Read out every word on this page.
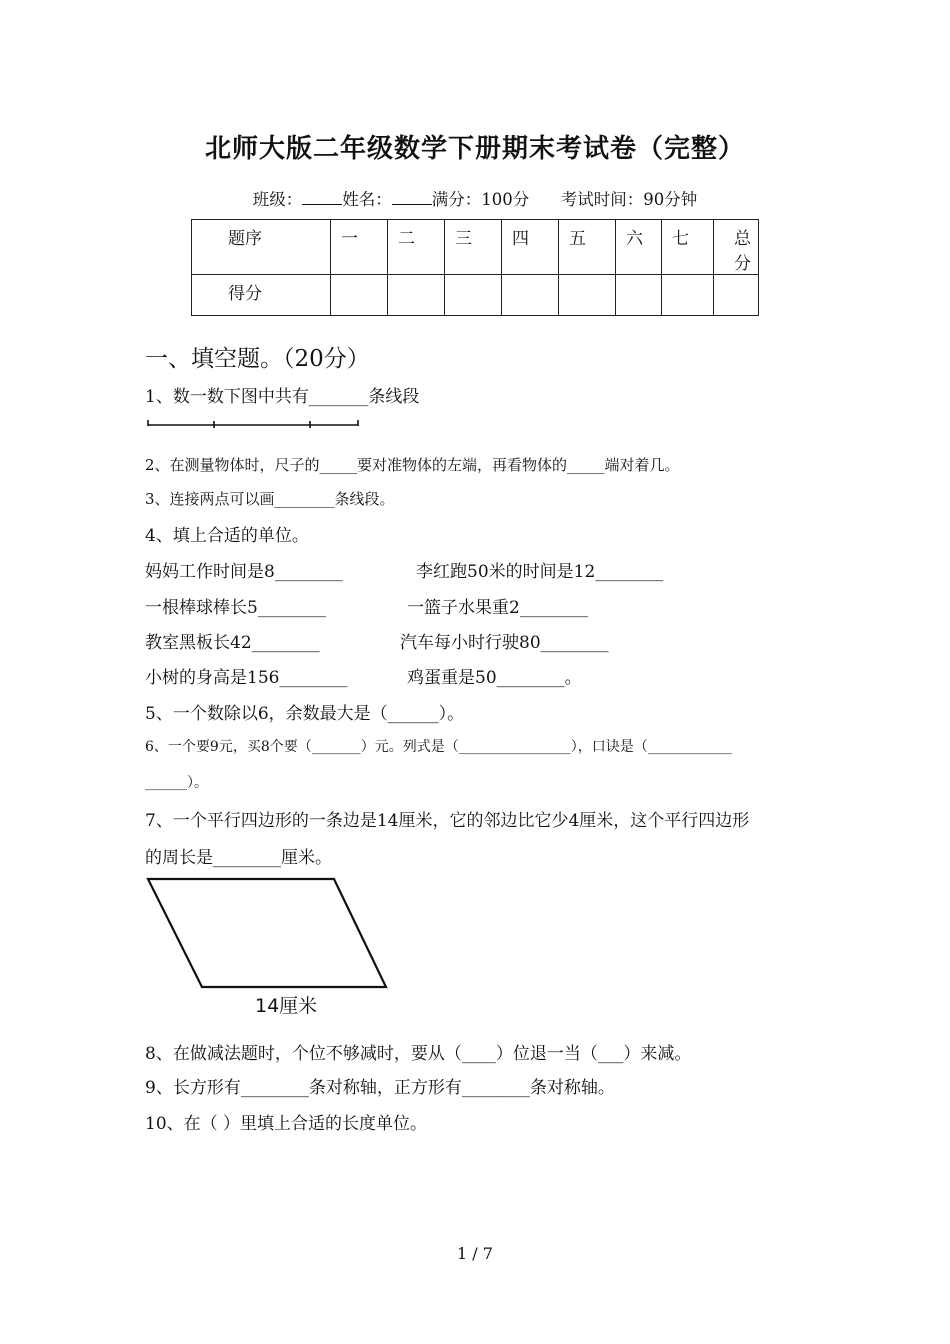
北师大版二年级数学下册期末考试卷（完整）
班级： 姓名： 满分：100分 考试时间：90分钟
题序	一	二	三	四	五	六	七	总分
得分								
一、填空题。（20分）
1、数一数下图中共有_______条线段
2、在测量物体时，尺子的_____要对准物体的左端，再看物体的_____端对着几。
3、连接两点可以画________条线段。
4、填上合适的单位。
妈妈工作时间是8________	李红跑50米的时间是12________
一根棒球棒长5________	一篮子水果重2________
教室黑板长42________	汽车每小时行驶80________
小树的身高是156________	鸡蛋重是50________。
5、一个数除以6，余数最大是（______）。
6、一个要9元，买8个要（_______）元。列式是（________________），口诀是（____________
______）。
7、一个平行四边形的一条边是14厘米，它的邻边比它少4厘米，这个平行四边形
的周长是________厘米。
14厘米
8、在做减法题时，个位不够减时，要从（____）位退一当（___）来减。
9、长方形有________条对称轴，正方形有________条对称轴。
10、在（ ）里填上合适的长度单位。
1 / 7
